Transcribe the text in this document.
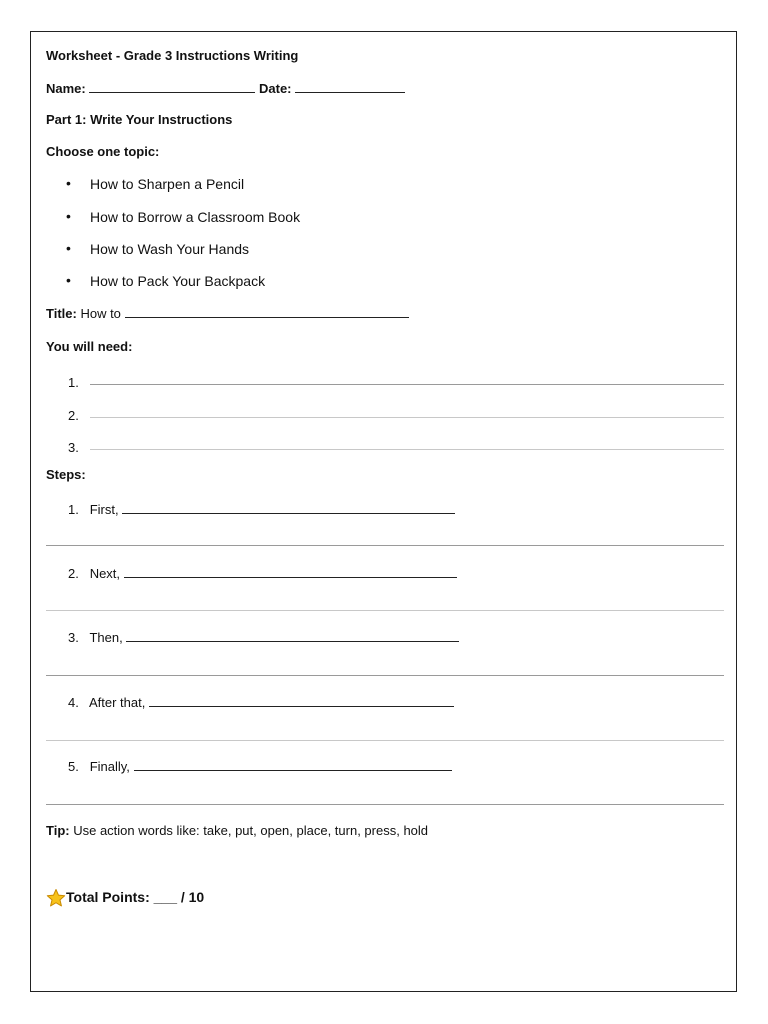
Worksheet - Grade 3 Instructions Writing
Name:	Date:
Part 1: Write Your Instructions
Choose one topic:
• How to Sharpen a Pencil
• How to Borrow a Classroom Book
• How to Wash Your Hands
• How to Pack Your Backpack
Title: How to
You will need:
1.
2.
3.
Steps:
1. First,
2. Next,
3. Then,
4. After that,
5. Finally,
Tip: Use action words like: take, put, open, place, turn, press, hold
Total Points: ___ / 10
